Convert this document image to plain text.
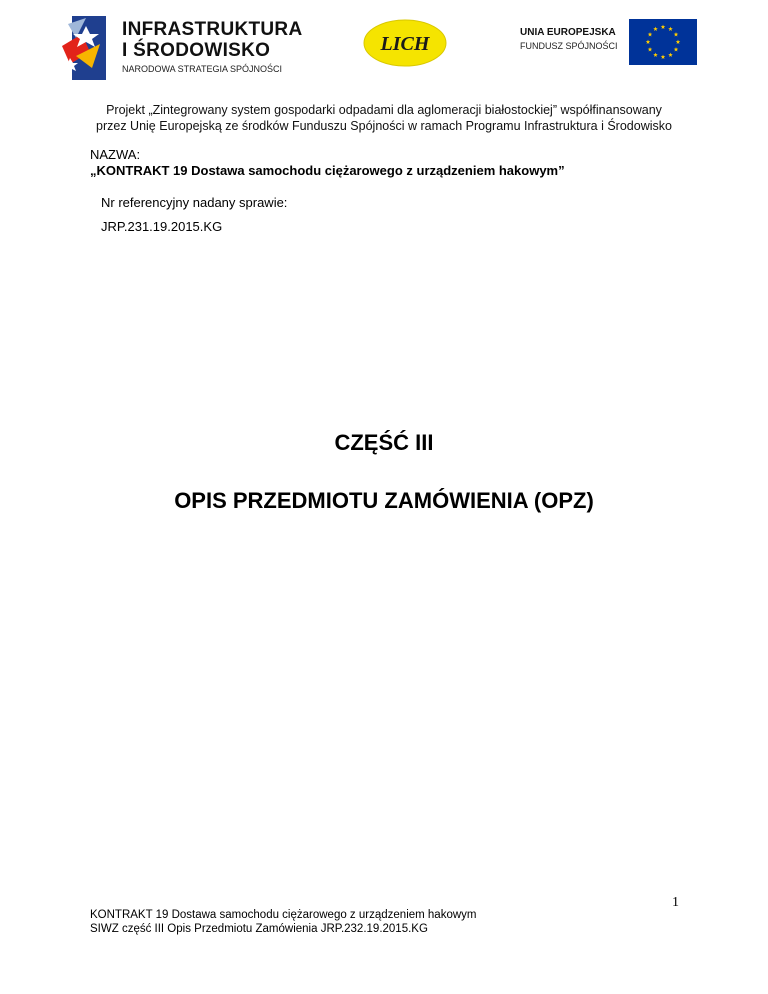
INFRASTRUKTURA
I ŚRODOWISKO
NARODOWA STRATEGIA SPÓJNOŚCI
LICH
UNIA EUROPEJSKA
FUNDUSZ SPÓJNOŚCI
Projekt „Zintegrowany system gospodarki odpadami dla aglomeracji białostockiej” współfinansowany
przez Unię Europejską ze środków Funduszu Spójności w ramach Programu Infrastruktura i Środowisko
NAZWA:
„KONTRAKT 19 Dostawa samochodu ciężarowego z urządzeniem hakowym”
Nr referencyjny nadany sprawie:
JRP.231.19.2015.KG
CZĘŚĆ III
OPIS PRZEDMIOTU ZAMÓWIENIA (OPZ)
1
KONTRAKT 19 Dostawa samochodu ciężarowego z urządzeniem hakowym
SIWZ część III Opis Przedmiotu Zamówienia JRP.232.19.2015.KG
